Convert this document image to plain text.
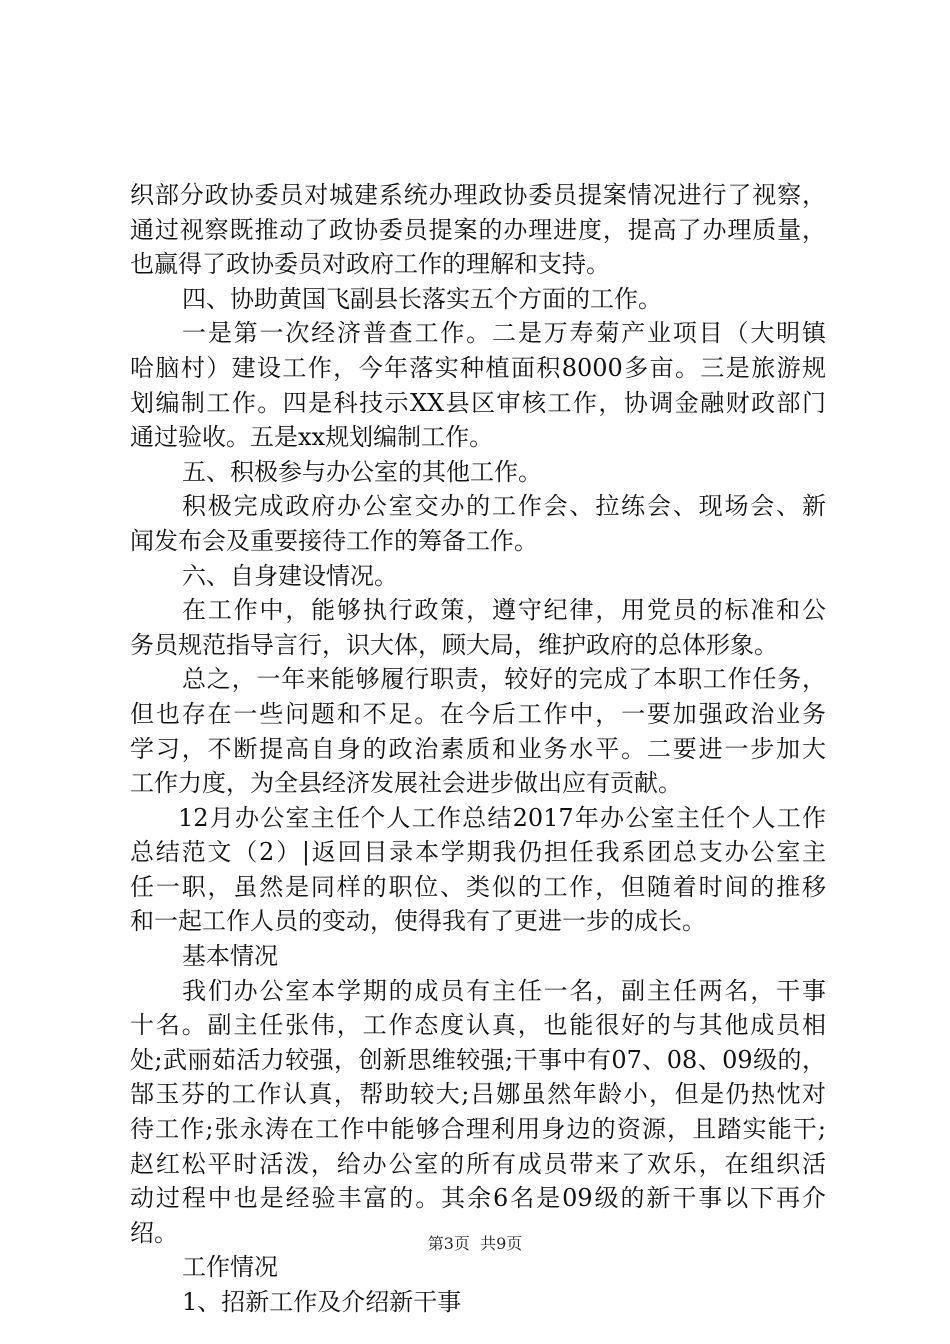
织部分政协委员对城建系统办理政协委员提案情况进行了视察，
通过视察既推动了政协委员提案的办理进度，提高了办理质量，
也赢得了政协委员对政府工作的理解和支持。
四、协助黄国飞副县长落实五个方面的工作。
一是第一次经济普查工作。二是万寿菊产业项目（大明镇
哈脑村）建设工作，今年落实种植面积8000多亩。三是旅游规
划编制工作。四是科技示XX县区审核工作，协调金融财政部门
通过验收。五是xx规划编制工作。
五、积极参与办公室的其他工作。
积极完成政府办公室交办的工作会、拉练会、现场会、新
闻发布会及重要接待工作的筹备工作。
六、自身建设情况。
在工作中，能够执行政策，遵守纪律，用党员的标准和公
务员规范指导言行，识大体，顾大局，维护政府的总体形象。
总之，一年来能够履行职责，较好的完成了本职工作任务，
但也存在一些问题和不足。在今后工作中，一要加强政治业务
学习，不断提高自身的政治素质和业务水平。二要进一步加大
工作力度，为全县经济发展社会进步做出应有贡献。
12月办公室主任个人工作总结2017年办公室主任个人工作
总结范文（2）|返回目录本学期我仍担任我系团总支办公室主
任一职，虽然是同样的职位、类似的工作，但随着时间的推移
和一起工作人员的变动，使得我有了更进一步的成长。
基本情况
我们办公室本学期的成员有主任一名，副主任两名，干事
十名。副主任张伟，工作态度认真，也能很好的与其他成员相
处;武丽茹活力较强，创新思维较强;干事中有07、08、09级的，
郜玉芬的工作认真，帮助较大;吕娜虽然年龄小，但是仍热忱对
待工作;张永涛在工作中能够合理利用身边的资源，且踏实能干;
赵红松平时活泼，给办公室的所有成员带来了欢乐，在组织活
动过程中也是经验丰富的。其余6名是09级的新干事以下再介
绍。
工作情况
1、招新工作及介绍新干事
第3页  共9页
